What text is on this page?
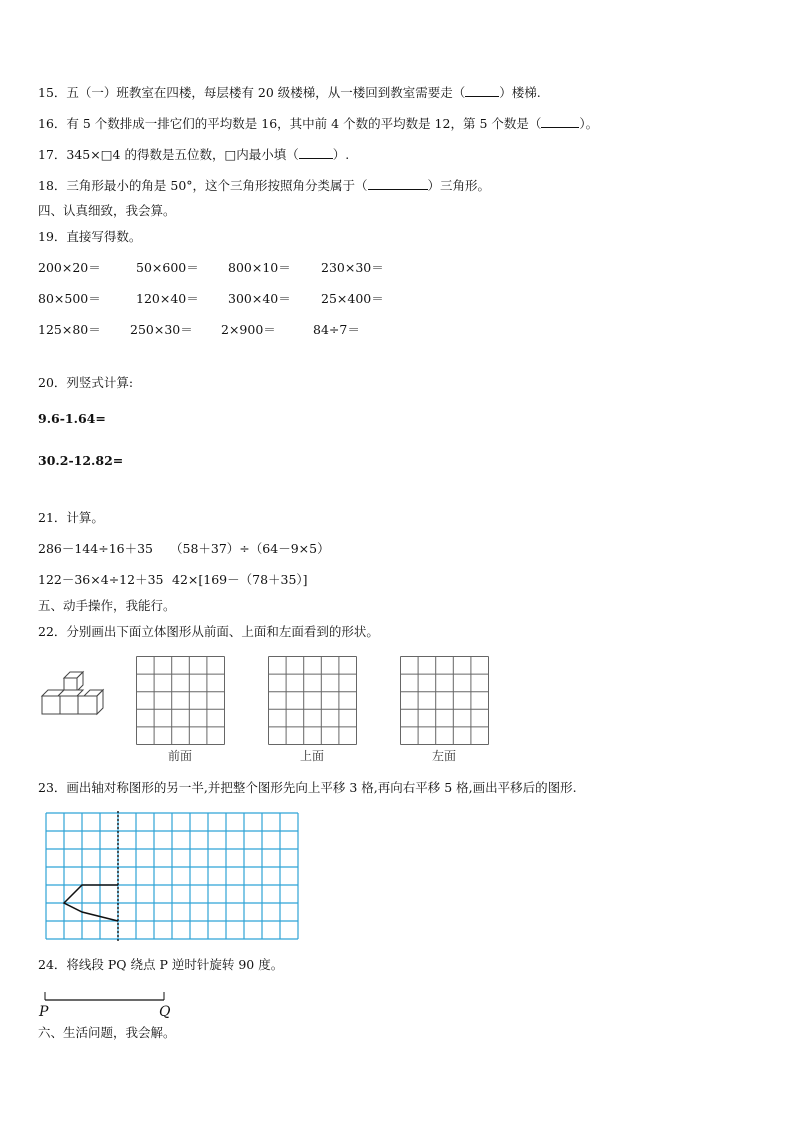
15．五（一）班教室在四楼，每层楼有 20 级楼梯，从一楼回到教室需要走（	）楼梯.
16．有 5 个数排成一排它们的平均数是 16，其中前 4 个数的平均数是 12，第 5 个数是（	）。
17．345×□4 的得数是五位数，□内最小填（	）.
18．三角形最小的角是 50°，这个三角形按照角分类属于（	）三角形。
四、认真细致，我会算。
19．直接写得数。
200×20＝	50×600＝ 800×10＝ 230×30＝
80×500＝	120×40＝ 300×40＝ 25×400＝
125×80＝ 250×30＝ 2×900＝	84÷7＝
20．列竖式计算:
9.6-1.64=
30.2-12.82=
21．计算。
286－144÷16＋35 （58＋37）÷（64－9×5）
122－36×4÷12＋35 42×[169－（78＋35）]
五、动手操作，我能行。
22．分别画出下面立体图形从前面、上面和左面看到的形状。
前面	上面	左面
23．画出轴对称图形的另一半,并把整个图形先向上平移 3 格,再向右平移 5 格,画出平移后的图形.
24．将线段 PQ 绕点 P 逆时针旋转 90 度。
P	Q
六、生活问题，我会解。
